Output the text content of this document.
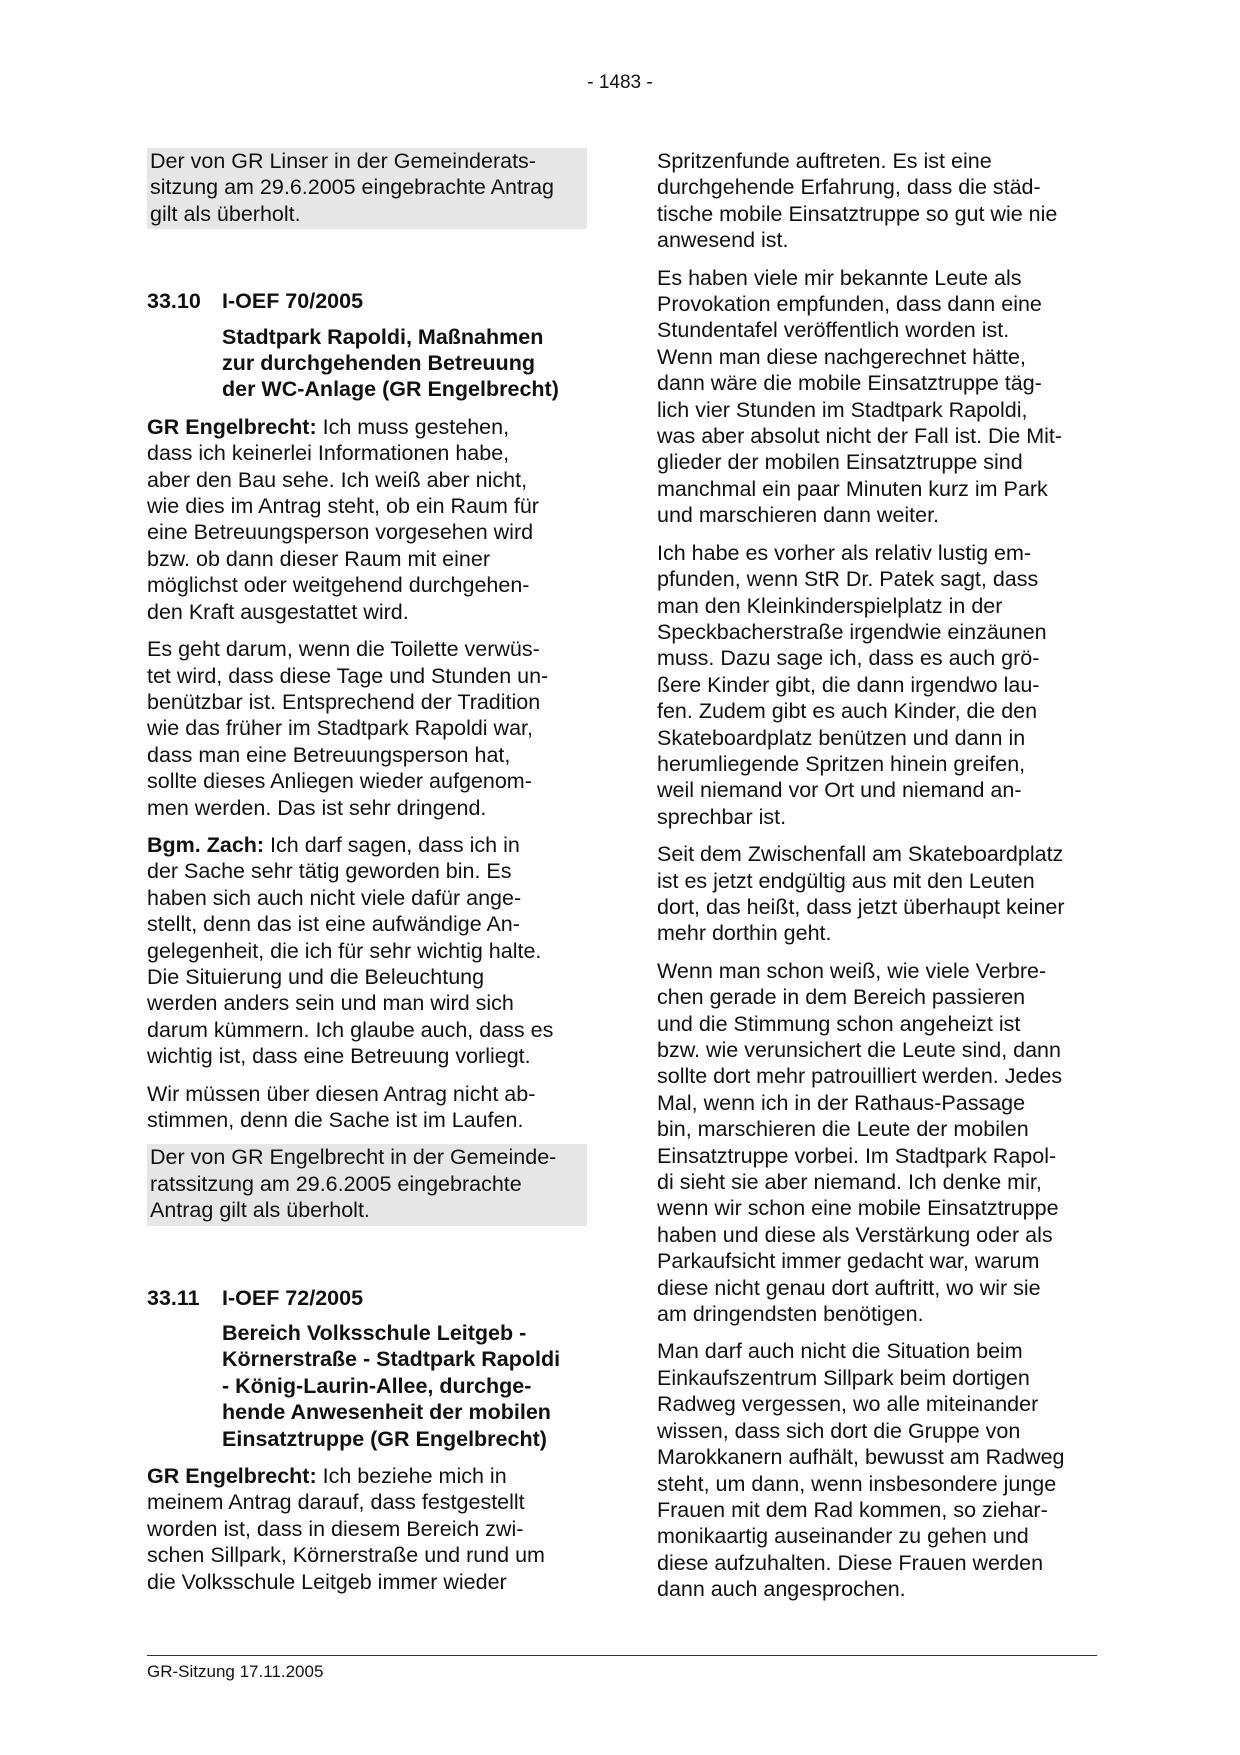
- 1483 -

Der von GR Linser in der Gemeinderats-
sitzung am 29.6.2005 eingebrachte Antrag
gilt als überholt.

33.10 I-OEF 70/2005

Stadtpark Rapoldi, Maßnahmen
zur durchgehenden Betreuung
der WC-Anlage (GR Engelbrecht)

GR Engelbrecht: Ich muss gestehen,
dass ich keinerlei Informationen habe,
aber den Bau sehe. Ich weiß aber nicht,
wie dies im Antrag steht, ob ein Raum für
eine Betreuungsperson vorgesehen wird
bzw. ob dann dieser Raum mit einer
möglichst oder weitgehend durchgehen-
den Kraft ausgestattet wird.

Es geht darum, wenn die Toilette verwüs-
tet wird, dass diese Tage und Stunden un-
benützbar ist. Entsprechend der Tradition
wie das früher im Stadtpark Rapoldi war,
dass man eine Betreuungsperson hat,
sollte dieses Anliegen wieder aufgenom-
men werden. Das ist sehr dringend.

Bgm. Zach: Ich darf sagen, dass ich in
der Sache sehr tätig geworden bin. Es
haben sich auch nicht viele dafür ange-
stellt, denn das ist eine aufwändige An-
gelegenheit, die ich für sehr wichtig halte.
Die Situierung und die Beleuchtung
werden anders sein und man wird sich
darum kümmern. Ich glaube auch, dass es
wichtig ist, dass eine Betreuung vorliegt.

Wir müssen über diesen Antrag nicht ab-
stimmen, denn die Sache ist im Laufen.

Der von GR Engelbrecht in der Gemeinde-
ratssitzung am 29.6.2005 eingebrachte
Antrag gilt als überholt.

33.11	I-OEF 72/2005

Bereich Volksschule Leitgeb -
Körnerstraße - Stadtpark Rapoldi
- König-Laurin-Allee, durchge-
hende Anwesenheit der mobilen
Einsatztruppe (GR Engelbrecht)

GR Engelbrecht: Ich beziehe mich in
meinem Antrag darauf, dass festgestellt
worden ist, dass in diesem Bereich zwi-
schen Sillpark, Körnerstraße und rund um
die Volksschule Leitgeb immer wieder

Spritzenfunde auftreten. Es ist eine
durchgehende Erfahrung, dass die städ-
tische mobile Einsatztruppe so gut wie nie
anwesend ist.

Es haben viele mir bekannte Leute als
Provokation empfunden, dass dann eine
Stundentafel veröffentlich worden ist.
Wenn man diese nachgerechnet hätte,
dann wäre die mobile Einsatztruppe täg-
lich vier Stunden im Stadtpark Rapoldi,
was aber absolut nicht der Fall ist. Die Mit-
glieder der mobilen Einsatztruppe sind
manchmal ein paar Minuten kurz im Park
und marschieren dann weiter.

Ich habe es vorher als relativ lustig em-
pfunden, wenn StR Dr. Patek sagt, dass
man den Kleinkinderspielplatz in der
Speckbacherstraße irgendwie einzäunen
muss. Dazu sage ich, dass es auch grö-
ßere Kinder gibt, die dann irgendwo lau-
fen. Zudem gibt es auch Kinder, die den
Skateboardplatz benützen und dann in
herumliegende Spritzen hinein greifen,
weil niemand vor Ort und niemand an-
sprechbar ist.

Seit dem Zwischenfall am Skateboardplatz
ist es jetzt endgültig aus mit den Leuten
dort, das heißt, dass jetzt überhaupt keiner
mehr dorthin geht.

Wenn man schon weiß, wie viele Verbre-
chen gerade in dem Bereich passieren
und die Stimmung schon angeheizt ist
bzw. wie verunsichert die Leute sind, dann
sollte dort mehr patrouilliert werden. Jedes
Mal, wenn ich in der Rathaus-Passage
bin, marschieren die Leute der mobilen
Einsatztruppe vorbei. Im Stadtpark Rapol-
di sieht sie aber niemand. Ich denke mir,
wenn wir schon eine mobile Einsatztruppe
haben und diese als Verstärkung oder als
Parkaufsicht immer gedacht war, warum
diese nicht genau dort auftritt, wo wir sie
am dringendsten benötigen.

Man darf auch nicht die Situation beim
Einkaufszentrum Sillpark beim dortigen
Radweg vergessen, wo alle miteinander
wissen, dass sich dort die Gruppe von
Marokkanern aufhält, bewusst am Radweg
steht, um dann, wenn insbesondere junge
Frauen mit dem Rad kommen, so ziehar-
monikaartig auseinander zu gehen und
diese aufzuhalten. Diese Frauen werden
dann auch angesprochen.

GR-Sitzung 17.11.2005
